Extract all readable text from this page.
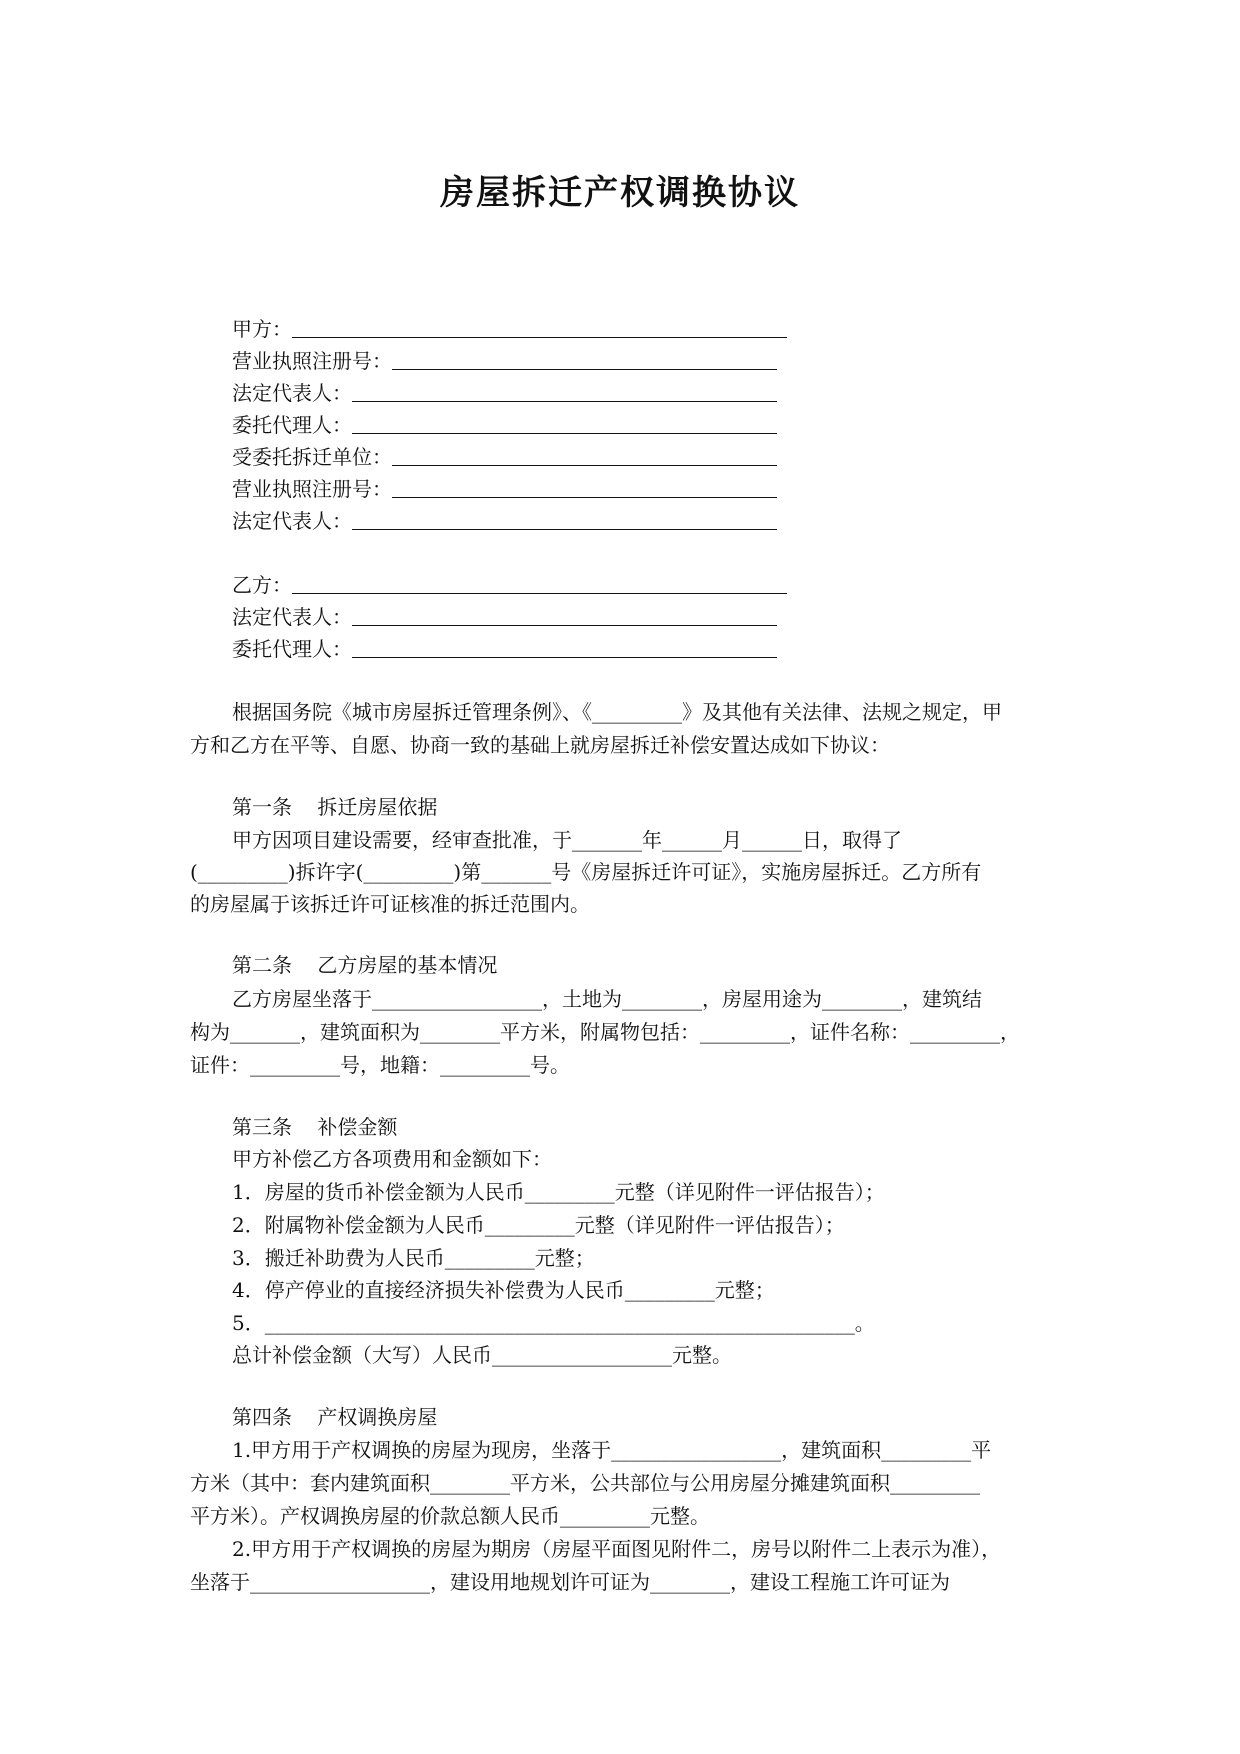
房屋拆迁产权调换协议
甲方：
营业执照注册号：
法定代表人：
委托代理人：
受委托拆迁单位：
营业执照注册号：
法定代表人：
乙方：
法定代表人：
委托代理人：
根据国务院《城市房屋拆迁管理条例》、《_________》及其他有关法律、法规之规定，甲
方和乙方在平等、自愿、协商一致的基础上就房屋拆迁补偿安置达成如下协议：
第一条    拆迁房屋依据
甲方因项目建设需要，经审查批准，于_______年______月______日，取得了
(_________)拆许字(_________)第_______号《房屋拆迁许可证》，实施房屋拆迁。乙方所有
的房屋属于该拆迁许可证核准的拆迁范围内。
第二条    乙方房屋的基本情况
乙方房屋坐落于_________________，土地为________，房屋用途为________，建筑结
构为_______，建筑面积为________平方米，附属物包括：_________，证件名称：_________，
证件：_________号，地籍：_________号。
第三条    补偿金额
甲方补偿乙方各项费用和金额如下：
1．房屋的货币补偿金额为人民币_________元整（详见附件一评估报告）；
2．附属物补偿金额为人民币_________元整（详见附件一评估报告）；
3．搬迁补助费为人民币_________元整；
4．停产停业的直接经济损失补偿费为人民币_________元整；
5．___________________________________________________________。
总计补偿金额（大写）人民币__________________元整。
第四条    产权调换房屋
1.甲方用于产权调换的房屋为现房，坐落于_________________，建筑面积_________平
方米（其中：套内建筑面积________平方米，公共部位与公用房屋分摊建筑面积_________
平方米）。产权调换房屋的价款总额人民币_________元整。
2.甲方用于产权调换的房屋为期房（房屋平面图见附件二，房号以附件二上表示为准），
坐落于__________________，建设用地规划许可证为________，建设工程施工许可证为
